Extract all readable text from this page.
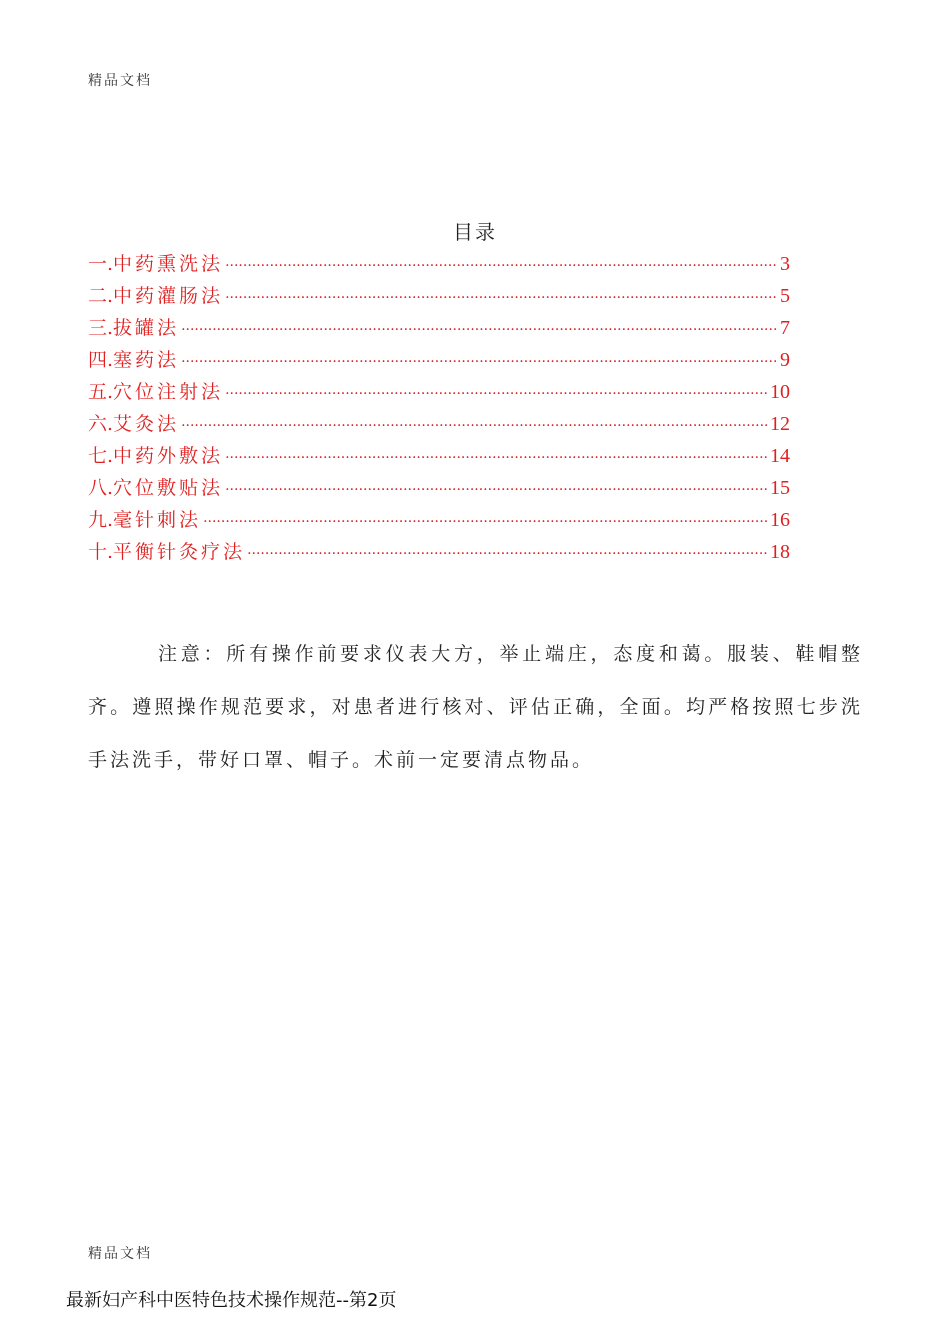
精品文档
目录
一. 中药熏洗法 ·····	3
二. 中药灌肠法 ·····	5
三. 拔罐法 ·····	7
四. 塞药法 ·····	9
五. 穴位注射法 ·····	10
六. 艾灸法 ·····	12
七. 中药外敷法 ·····	14
八. 穴位敷贴法 ·····	15
九. 毫针刺法 ·····	16
十. 平衡针灸疗法 ·····	18
注意：所有操作前要求仪表大方，举止端庄，态度和蔼。服装、鞋帽整齐。遵照操作规范要求，对患者进行核对、评估正确，全面。均严格按照七步洗手法洗手，带好口罩、帽子。术前一定要清点物品。
精品文档
最新妇产科中医特色技术操作规范--第2页
